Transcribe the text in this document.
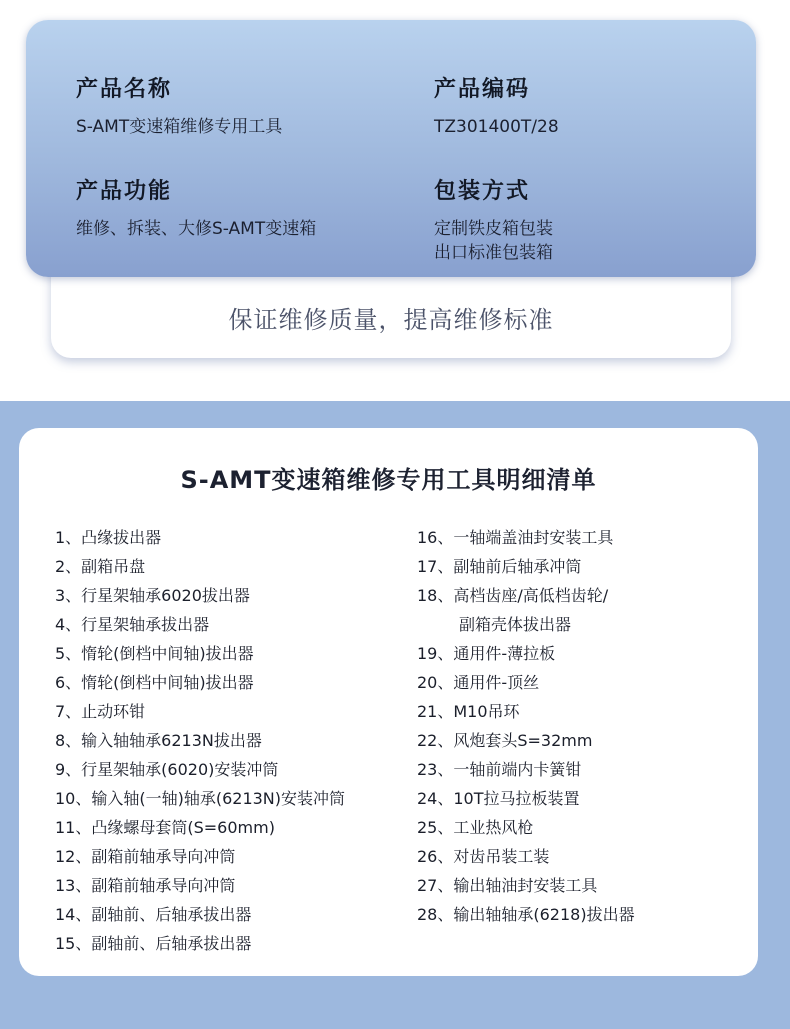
保证维修质量，提高维修标准
产品名称
S-AMT变速箱维修专用工具
产品编码
TZ301400T/28
产品功能
维修、拆装、大修S-AMT变速箱
包装方式
定制铁皮箱包装
出口标准包装箱
S-AMT变速箱维修专用工具明细清单
1、凸缘拔出器
2、副箱吊盘
3、行星架轴承6020拔出器
4、行星架轴承拔出器
5、惰轮(倒档中间轴)拔出器
6、惰轮(倒档中间轴)拔出器
7、止动环钳
8、输入轴轴承6213N拔出器
9、行星架轴承(6020)安装冲筒
10、输入轴(一轴)轴承(6213N)安装冲筒
11、凸缘螺母套筒(S=60mm)
12、副箱前轴承导向冲筒
13、副箱前轴承导向冲筒
14、副轴前、后轴承拔出器
15、副轴前、后轴承拔出器
16、一轴端盖油封安装工具
17、副轴前后轴承冲筒
18、高档齿座/高低档齿轮/
副箱壳体拔出器
19、通用件-薄拉板
20、通用件-顶丝
21、M10吊环
22、风炮套头S=32mm
23、一轴前端内卡簧钳
24、10T拉马拉板装置
25、工业热风枪
26、对齿吊装工装
27、输出轴油封安装工具
28、输出轴轴承(6218)拔出器
